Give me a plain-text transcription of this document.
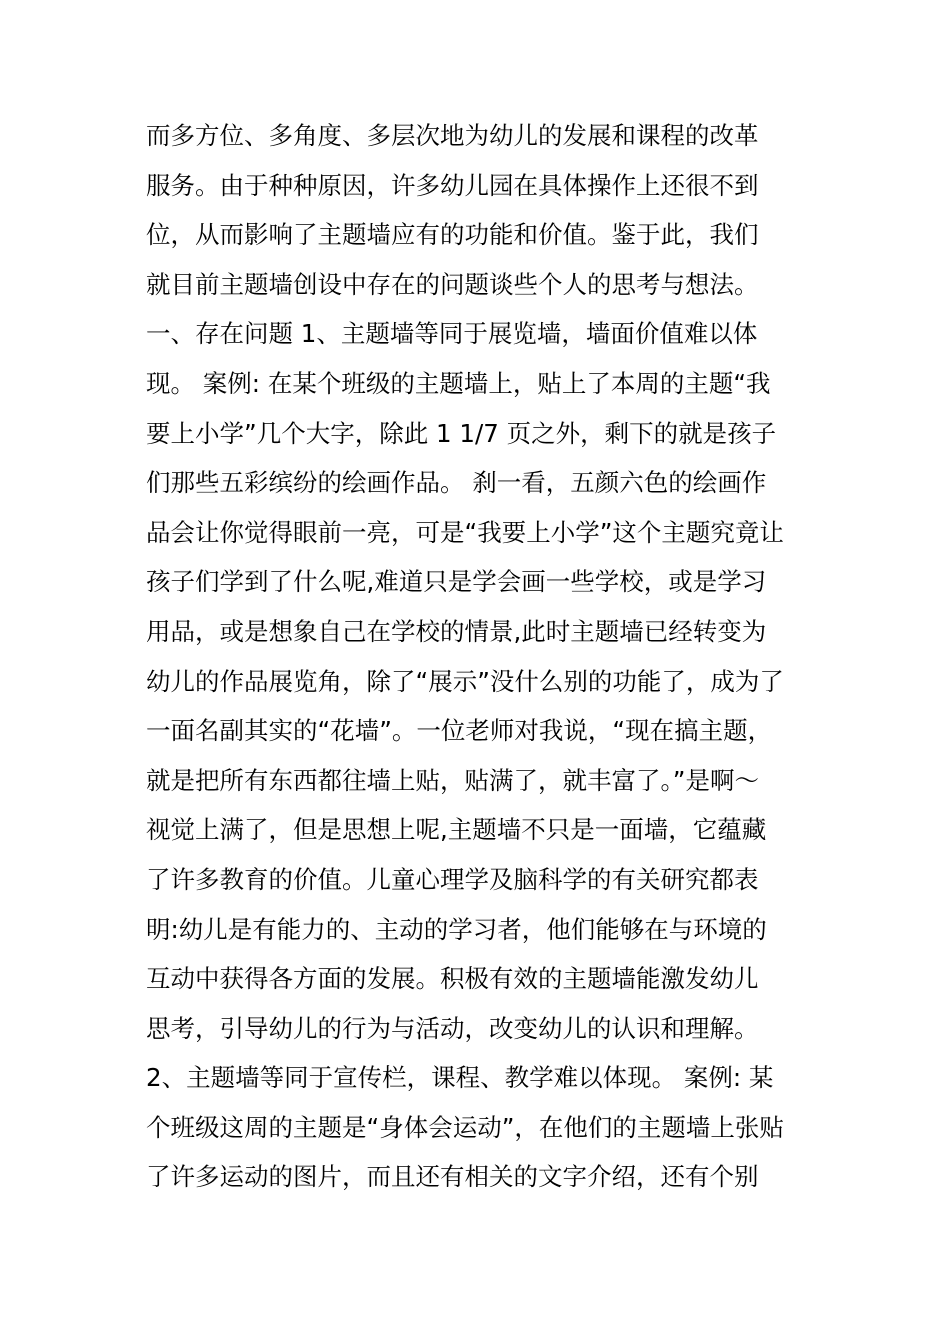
而多方位、多角度、多层次地为幼儿的发展和课程的改革
服务。由于种种原因，许多幼儿园在具体操作上还很不到
位，从而影响了主题墙应有的功能和价值。鉴于此，我们
就目前主题墙创设中存在的问题谈些个人的思考与想法。
一、存在问题 1、主题墙等同于展览墙，墙面价值难以体
现。 案例: 在某个班级的主题墙上，贴上了本周的主题“我
要上小学”几个大字，除此 1 1/7 页之外，剩下的就是孩子
们那些五彩缤纷的绘画作品。 刹一看，五颜六色的绘画作
品会让你觉得眼前一亮，可是“我要上小学”这个主题究竟让
孩子们学到了什么呢,难道只是学会画一些学校，或是学习
用品，或是想象自己在学校的情景,此时主题墙已经转变为
幼儿的作品展览角，除了“展示”没什么别的功能了，成为了
一面名副其实的“花墙”。一位老师对我说，“现在搞主题，
就是把所有东西都往墙上贴，贴满了，就丰富了。”是啊～
视觉上满了，但是思想上呢,主题墙不只是一面墙，它蕴藏
了许多教育的价值。儿童心理学及脑科学的有关研究都表
明:幼儿是有能力的、主动的学习者，他们能够在与环境的
互动中获得各方面的发展。积极有效的主题墙能激发幼儿
思考，引导幼儿的行为与活动，改变幼儿的认识和理解。
2、主题墙等同于宣传栏，课程、教学难以体现。 案例: 某
个班级这周的主题是“身体会运动”，在他们的主题墙上张贴
了许多运动的图片，而且还有相关的文字介绍，还有个别
